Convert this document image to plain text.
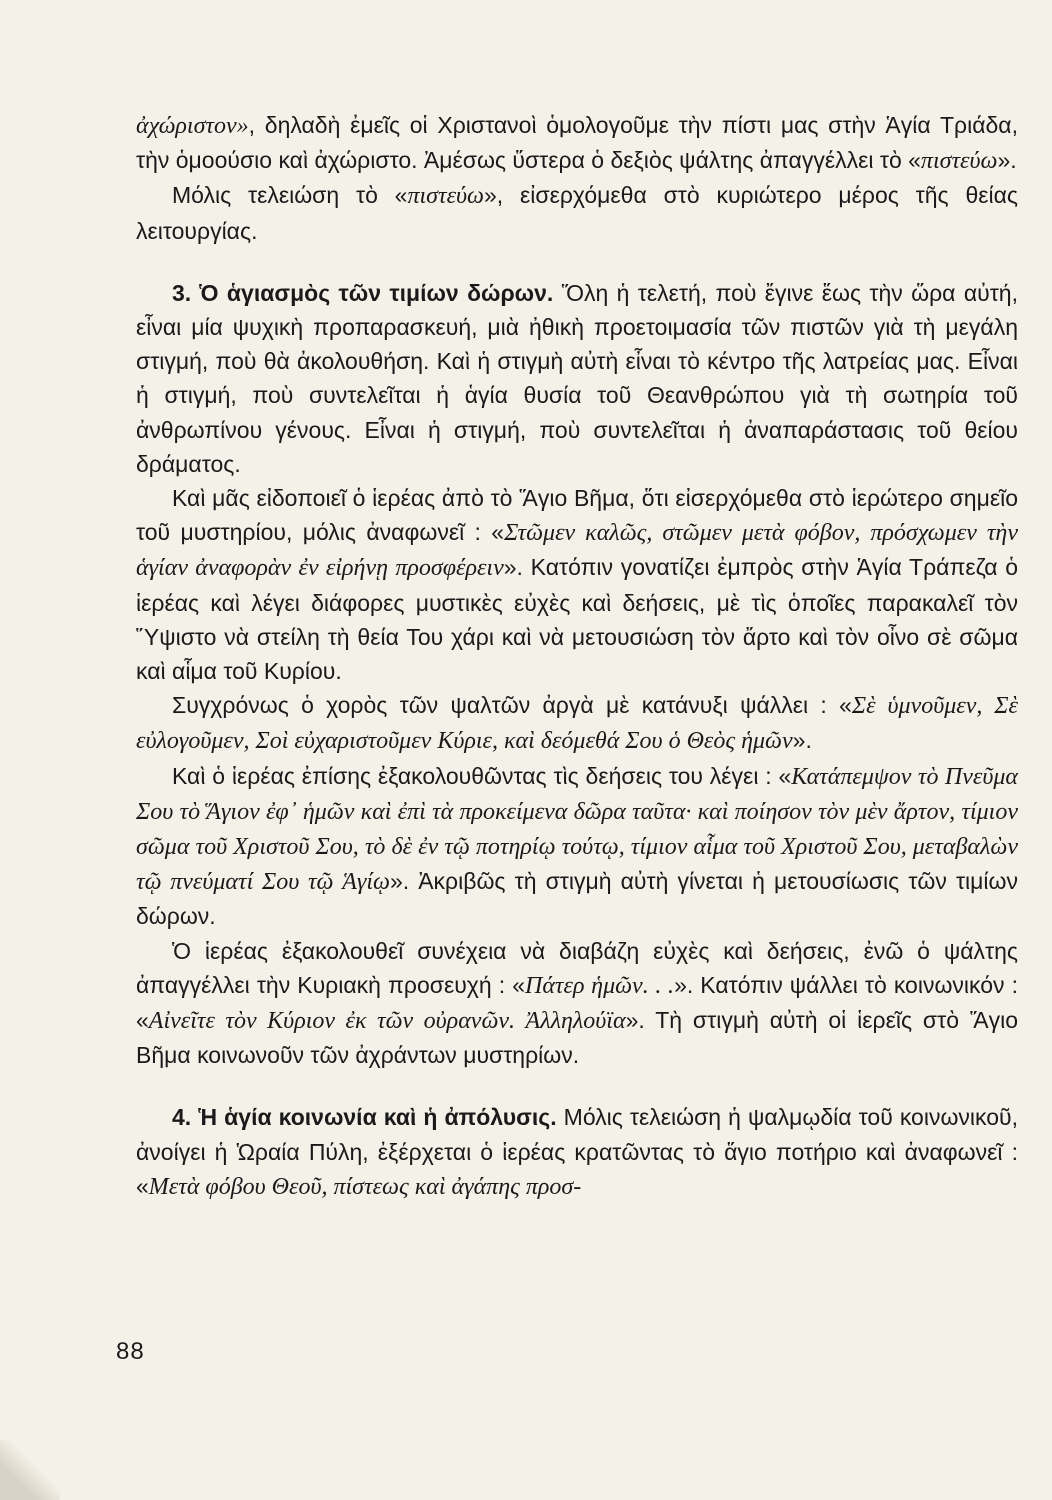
ἀχώριστον», δηλαδὴ ἐμεῖς οἱ Χριστανοὶ ὁμολογοῦμε τὴν πίστι μας στὴν Ἁγία Τριάδα, τὴν ὁμοούσιο καὶ ἀχώριστο. Ἀμέσως ὕστερα ὁ δεξιὸς ψάλτης ἀπαγγέλλει τὸ «πιστεύω».

Μόλις τελειώση τὸ «πιστεύω», εἰσερχόμεθα στὸ κυριώτερο μέρος τῆς θείας λειτουργίας.

3. Ὁ ἁγιασμὸς τῶν τιμίων δώρων. Ὅλη ἡ τελετή, ποὺ ἔγινε ἕως τὴν ὥρα αὐτή, εἶναι μία ψυχικὴ προπαρασκευή, μιὰ ἠθικὴ προετοιμασία τῶν πιστῶν γιὰ τὴ μεγάλη στιγμή, ποὺ θὰ ἀκολουθήση. Καὶ ἡ στιγμὴ αὐτὴ εἶναι τὸ κέντρο τῆς λατρείας μας. Εἶναι ἡ στιγμή, ποὺ συντελεῖται ἡ ἁγία θυσία τοῦ Θεανθρώπου γιὰ τὴ σωτηρία τοῦ ἀνθρωπίνου γένους. Εἶναι ἡ στιγμή, ποὺ συντελεῖται ἡ ἀναπαράστασις τοῦ θείου δράματος.

Καὶ μᾶς εἰδοποιεῖ ὁ ἱερέας ἀπὸ τὸ Ἅγιο Βῆμα, ὅτι εἰσερχόμεθα στὸ ἱερώτερο σημεῖο τοῦ μυστηρίου, μόλις ἀναφωνεῖ : «Στῶμεν καλῶς, στῶμεν μετὰ φόβον, πρόσχωμεν τὴν ἁγίαν ἀναφορὰν ἐν εἰρήνῃ προσφέρειν». Κατόπιν γονατίζει ἐμπρὸς στὴν Ἁγία Τράπεζα ὁ ἱερέας καὶ λέγει διάφορες μυστικὲς εὐχὲς καὶ δεήσεις, μὲ τὶς ὁποῖες παρακαλεῖ τὸν Ὕψιστο νὰ στείλη τὴ θεία Του χάρι καὶ νὰ μετουσιώση τὸν ἄρτο καὶ τὸν οἶνο σὲ σῶμα καὶ αἷμα τοῦ Κυρίου.

Συγχρόνως ὁ χορὸς τῶν ψαλτῶν ἀργὰ μὲ κατάνυξι ψάλλει : «Σὲ ὑμνοῦμεν, Σὲ εὐλογοῦμεν, Σοὶ εὐχαριστοῦμεν Κύριε, καὶ δεόμεθά Σου ὁ Θεὸς ἡμῶν».

Καὶ ὁ ἱερέας ἐπίσης ἐξακολουθῶντας τὶς δεήσεις του λέγει : «Κατάπεμψον τὸ Πνεῦμα Σου τὸ Ἅγιον ἐφ᾽ ἡμῶν καὶ ἐπὶ τὰ προκείμενα δῶρα ταῦτα· καὶ ποίησον τὸν μὲν ἄρτον, τίμιον σῶμα τοῦ Χριστοῦ Σου, τὸ δὲ ἐν τῷ ποτηρίῳ τούτῳ, τίμιον αἷμα τοῦ Χριστοῦ Σου, μεταβαλὼν τῷ πνεύματί Σου τῷ Ἁγίῳ». Ἀκριβῶς τὴ στιγμὴ αὐτὴ γίνεται ἡ μετουσίωσις τῶν τιμίων δώρων.

Ὁ ἱερέας ἐξακολουθεῖ συνέχεια νὰ διαβάζη εὐχὲς καὶ δεήσεις, ἐνῶ ὁ ψάλτης ἀπαγγέλλει τὴν Κυριακὴ προσευχή : «Πάτερ ἡμῶν. . .». Κατόπιν ψάλλει τὸ κοινωνικόν : «Αἰνεῖτε τὸν Κύριον ἐκ τῶν οὐρανῶν. Ἀλληλούϊα». Τὴ στιγμὴ αὐτὴ οἱ ἱερεῖς στὸ Ἅγιο Βῆμα κοινωνοῦν τῶν ἀχράντων μυστηρίων.

4. Ἡ ἁγία κοινωνία καὶ ἡ ἀπόλυσις. Μόλις τελειώση ἡ ψαλμῳδία τοῦ κοινωνικοῦ, ἀνοίγει ἡ Ὡραία Πύλη, ἐξέρχεται ὁ ἱερέας κρατῶντας τὸ ἅγιο ποτήριο καὶ ἀναφωνεῖ : «Μετὰ φόβου Θεοῦ, πίστεως καὶ ἀγάπης προσ-

88
